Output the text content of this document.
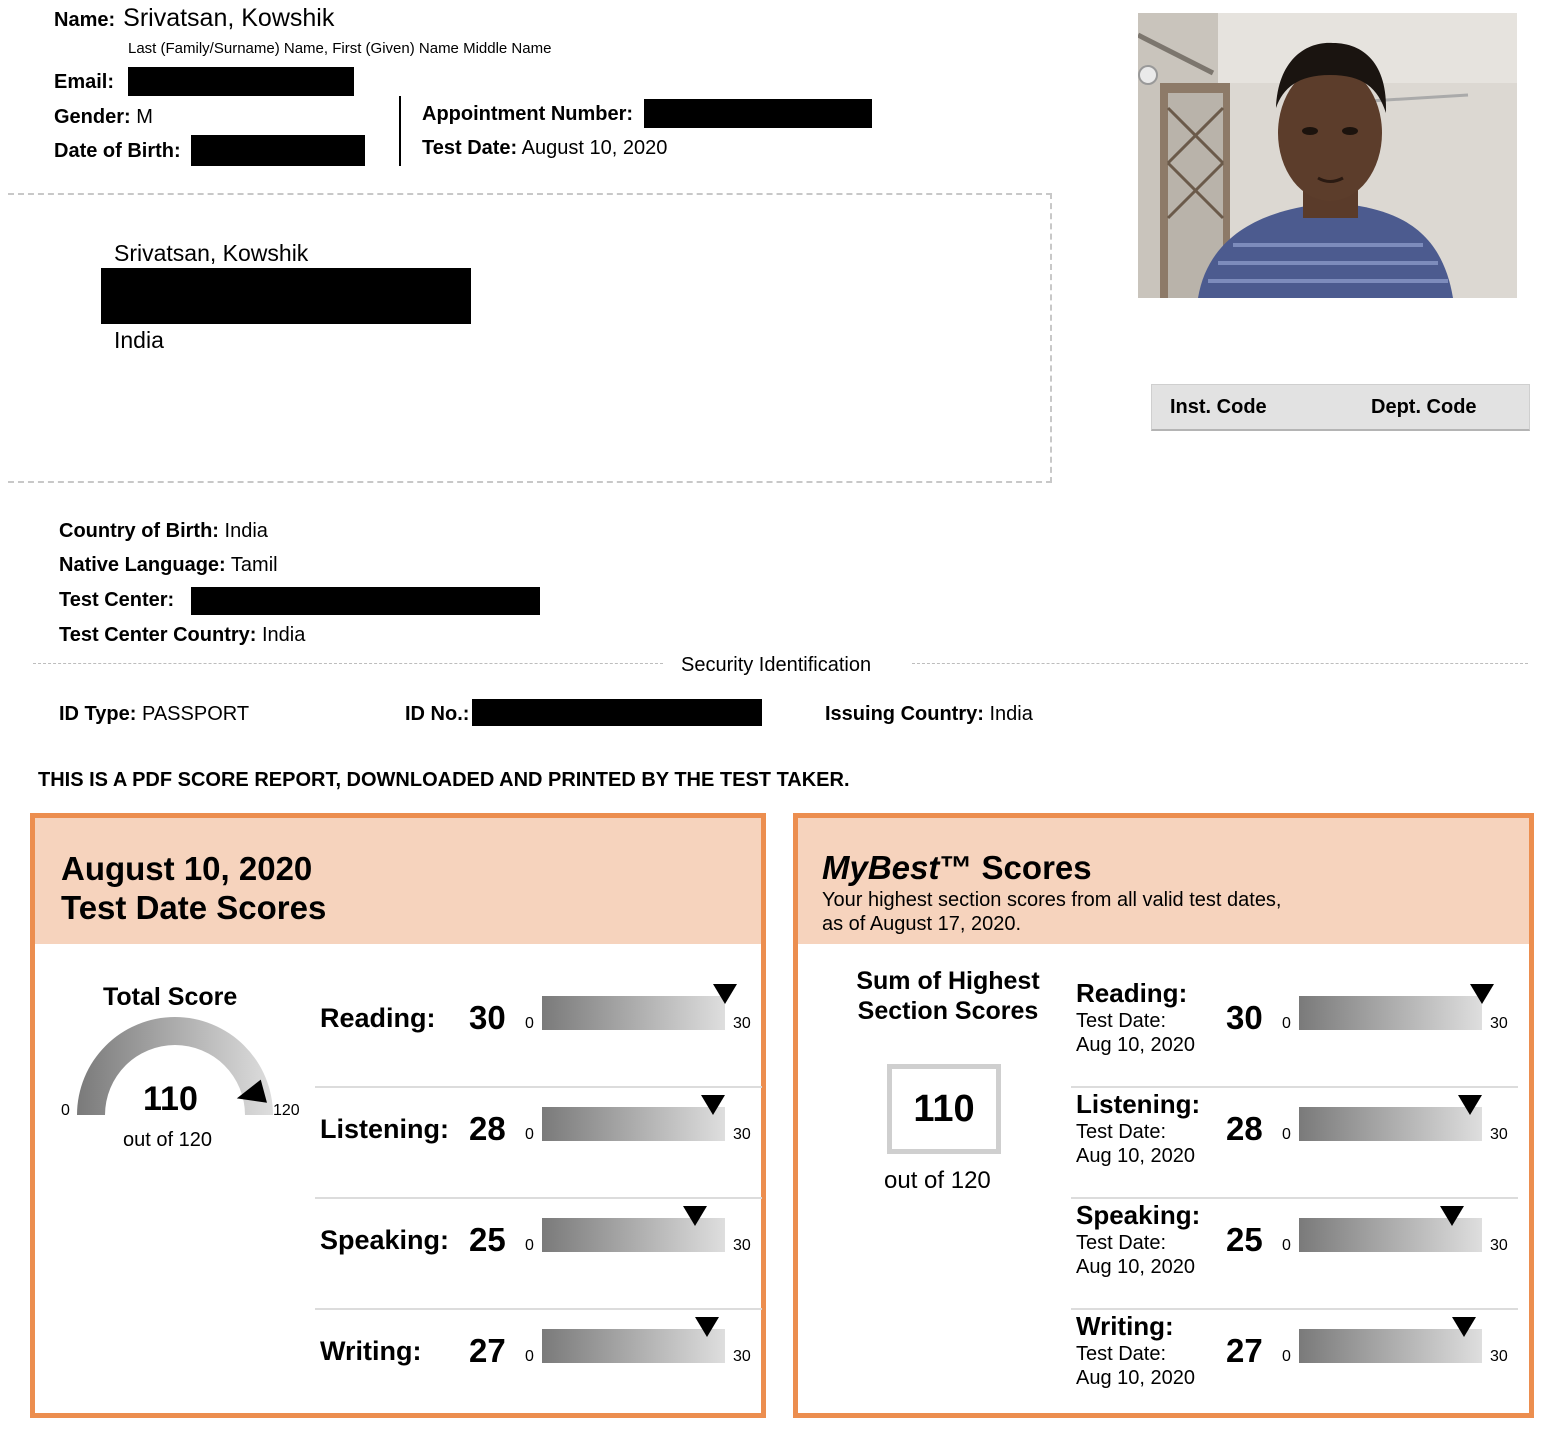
Name: Srivatsan, Kowshik
Last (Family/Surname) Name, First (Given) Name Middle Name
Email:
Gender: M
Date of Birth:
Appointment Number:
Test Date: August 10, 2020
Srivatsan, Kowshik
India
Inst. Code	Dept. Code
Country of Birth: India
Native Language: Tamil
Test Center:
Test Center Country: India
Security Identification
ID Type: PASSPORT	ID No.:	Issuing Country: India
THIS IS A PDF SCORE REPORT, DOWNLOADED AND PRINTED BY THE TEST TAKER.
August 10, 2020
Test Date Scores
Total Score
0	120
110
out of 120
Reading: 30 0	30
Listening: 28 0	30
Speaking: 25 0	30
Writing: 27 0	30
MyBest™ Scores
Your highest section scores from all valid test dates,
as of August 17, 2020.
Sum of Highest
Section Scores
110
out of 120
Reading:
Test Date:
Aug 10, 2020
30 0	30
Listening:
Test Date:
Aug 10, 2020
28 0	30
Speaking:
Test Date:
Aug 10, 2020
25 0	30
Writing:
Test Date:
Aug 10, 2020
27 0	30
